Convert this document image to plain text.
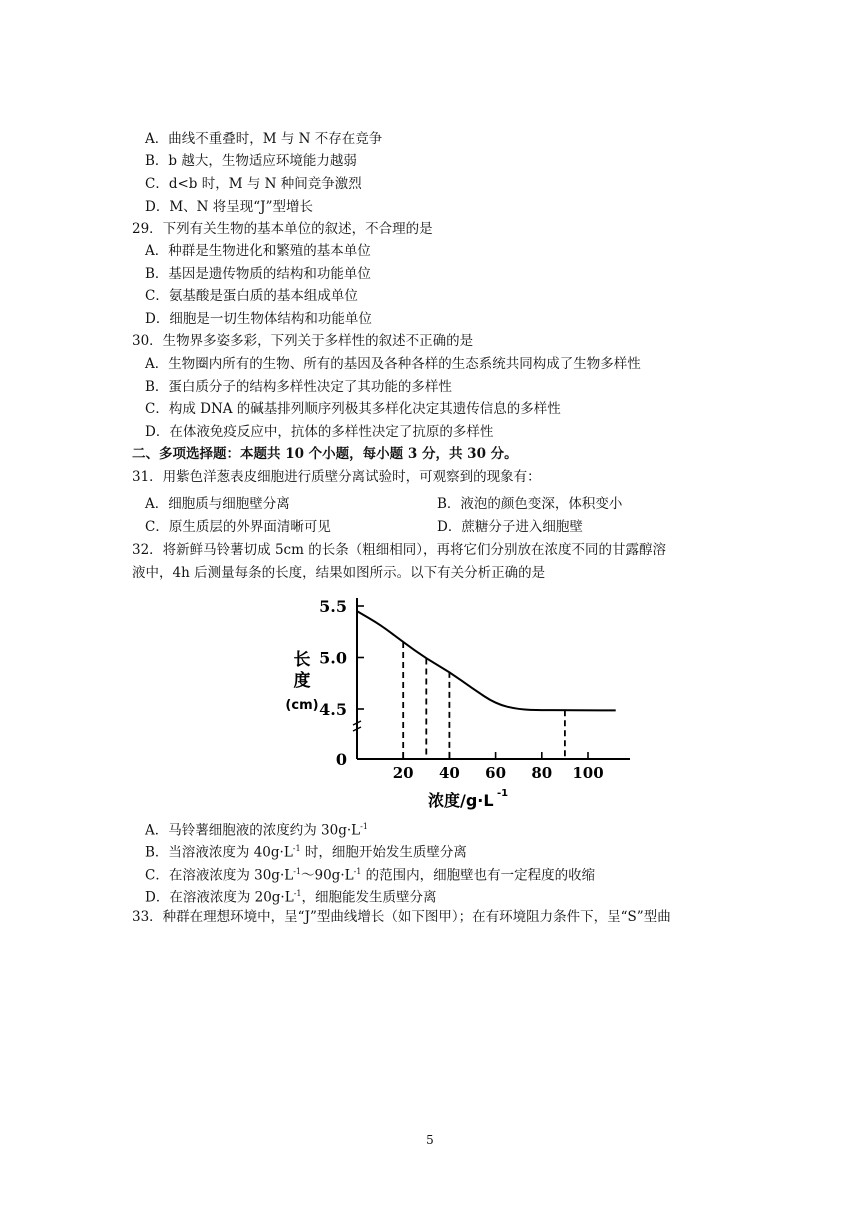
A．曲线不重叠时，M 与 N 不存在竞争
B．b 越大，生物适应环境能力越弱
C．d<b 时，M 与 N 种间竞争激烈
D．M、N 将呈现“J”型增长
29．下列有关生物的基本单位的叙述，不合理的是
A．种群是生物进化和繁殖的基本单位
B．基因是遗传物质的结构和功能单位
C．氨基酸是蛋白质的基本组成单位
D．细胞是一切生物体结构和功能单位
30．生物界多姿多彩，下列关于多样性的叙述不正确的是
A．生物圈内所有的生物、所有的基因及各种各样的生态系统共同构成了生物多样性
B．蛋白质分子的结构多样性决定了其功能的多样性
C．构成 DNA 的碱基排列顺序列极其多样化决定其遗传信息的多样性
D．在体液免疫反应中，抗体的多样性决定了抗原的多样性
二、多项选择题：本题共 10 个小题，每小题 3 分，共 30 分。
31．用紫色洋葱表皮细胞进行质壁分离试验时，可观察到的现象有：
A．细胞质与细胞壁分离	B．液泡的颜色变深，体积变小
C．原生质层的外界面清晰可见	D．蔗糖分子进入细胞壁
32．将新鲜马铃薯切成 5cm 的长条（粗细相同），再将它们分别放在浓度不同的甘露醇溶
液中，4h 后测量每条的长度，结果如图所示。以下有关分析正确的是
0
4.5
5.0
5.5
20 40 60 80 100
长
度
(cm)
浓度/g·L -1
A．马铃薯细胞液的浓度约为 $30g\cdot L^{-1}$
B．当溶液浓度为 $40g\cdot L^{-1}$ 时，细胞开始发生质壁分离
C．在溶液浓度为 $30g\cdot L^{-1}\sim 90g\cdot L^{-1}$ 的范围内，细胞壁也有一定程度的收缩
D．在溶液浓度为 $20g\cdot L^{-1}$，细胞能发生质壁分离
33．种群在理想环境中，呈“J”型曲线增长（如下图甲）；在有环境阻力条件下，呈“S”型曲
5
